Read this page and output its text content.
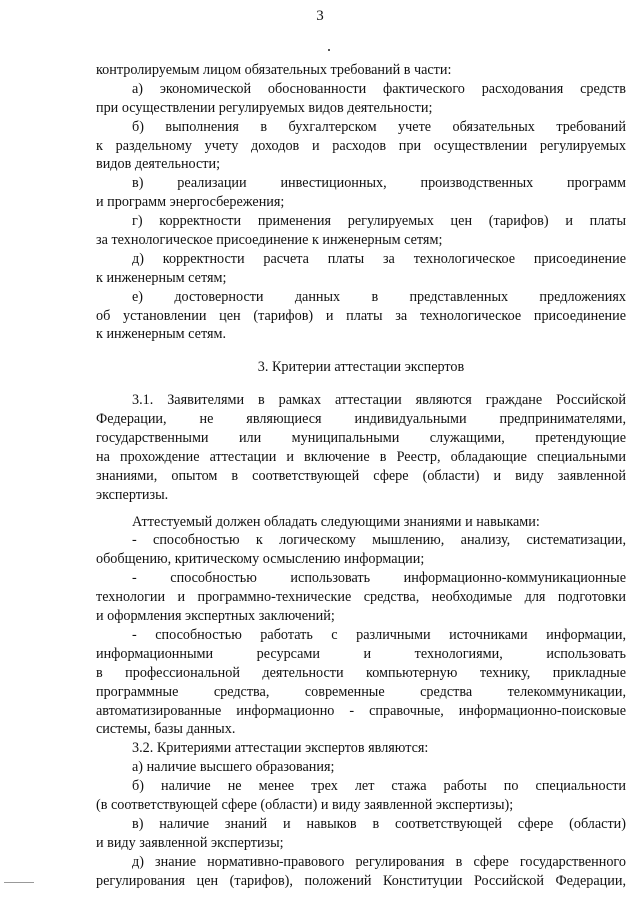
3
контролируемым лицом обязательных требований в части:
а) экономической обоснованности фактического расходования средств
при осуществлении регулируемых видов деятельности;
б) выполнения в бухгалтерском учете обязательных требований
к раздельному учету доходов и расходов при осуществлении регулируемых
видов деятельности;
в) реализации инвестиционных, производственных программ
и программ энергосбережения;
г) корректности применения регулируемых цен (тарифов) и платы
за технологическое присоединение к инженерным сетям;
д) корректности расчета платы за технологическое присоединение
к инженерным сетям;
е) достоверности данных в представленных предложениях
об установлении цен (тарифов) и платы за технологическое присоединение
к инженерным сетям.
3. Критерии аттестации экспертов
3.1. Заявителями в рамках аттестации являются граждане Российской
Федерации, не являющиеся индивидуальными предпринимателями,
государственными или муниципальными служащими, претендующие
на прохождение аттестации и включение в Реестр, обладающие специальными
знаниями, опытом в соответствующей сфере (области) и виду заявленной
экспертизы.
Аттестуемый должен обладать следующими знаниями и навыками:
- способностью к логическому мышлению, анализу, систематизации,
обобщению, критическому осмыслению информации;
- способностью использовать информационно-коммуникационные
технологии и программно-технические средства, необходимые для подготовки
и оформления экспертных заключений;
- способностью работать с различными источниками информации,
информационными ресурсами и технологиями, использовать
в профессиональной деятельности компьютерную технику, прикладные
программные средства, современные средства телекоммуникации,
автоматизированные информационно - справочные, информационно-поисковые
системы, базы данных.
3.2. Критериями аттестации экспертов являются:
а) наличие высшего образования;
б) наличие не менее трех лет стажа работы по специальности
(в соответствующей сфере (области) и виду заявленной экспертизы);
в) наличие знаний и навыков в соответствующей сфере (области)
и виду заявленной экспертизы;
д) знание нормативно-правового регулирования в сфере государственного
регулирования цен (тарифов), положений Конституции Российской Федерации,
